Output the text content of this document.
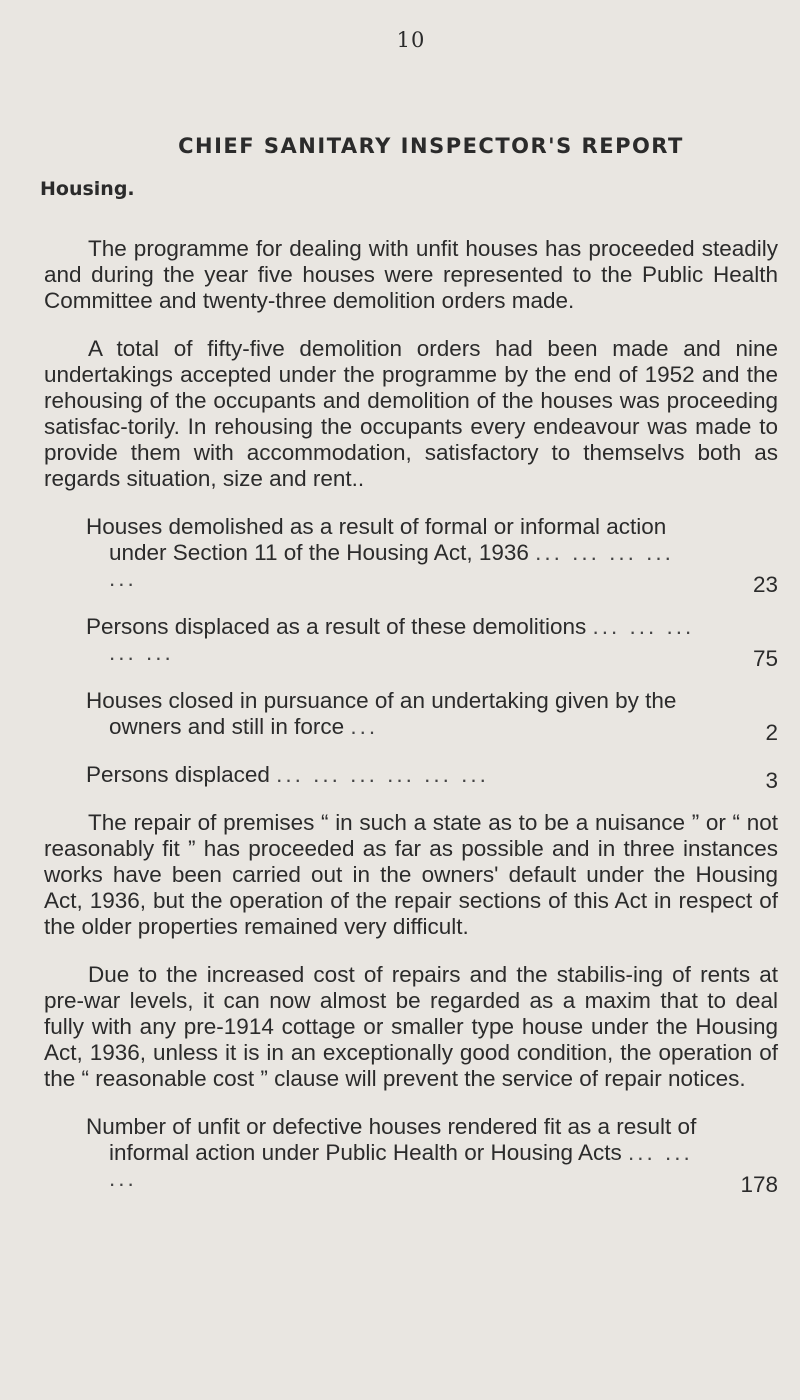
10
CHIEF SANITARY INSPECTOR'S REPORT
Housing.

The programme for dealing with unfit houses has proceeded steadily and during the year five houses were represented to the Public Health Committee and twenty-three demolition orders made.

A total of fifty-five demolition orders had been made and nine undertakings accepted under the programme by the end of 1952 and the rehousing of the occupants and demolition of the houses was proceeding satisfac-torily. In rehousing the occupants every endeavour was made to provide them with accommodation, satisfactory to themselvs both as regards situation, size and rent..

Houses demolished as a result of formal or informal action under Section 11 of the Housing Act, 1936 ... ... ... ... ...	23
Persons displaced as a result of these demolitions ... ... ... ... ...	75
Houses closed in pursuance of an undertaking given by the owners and still in force ...	2
Persons displaced ... ... ... ... ... ...	3

The repair of premises “ in such a state as to be a nuisance ” or “ not reasonably fit ” has proceeded as far as possible and in three instances works have been carried out in the owners' default under the Housing Act, 1936, but the operation of the repair sections of this Act in respect of the older properties remained very difficult.

Due to the increased cost of repairs and the stabilis-ing of rents at pre-war levels, it can now almost be regarded as a maxim that to deal fully with any pre-1914 cottage or smaller type house under the Housing Act, 1936, unless it is in an exceptionally good condition, the operation of the “ reasonable cost ” clause will prevent the service of repair notices.

Number of unfit or defective houses rendered fit as a result of informal action under Public Health or Housing Acts ... ... ...	178
